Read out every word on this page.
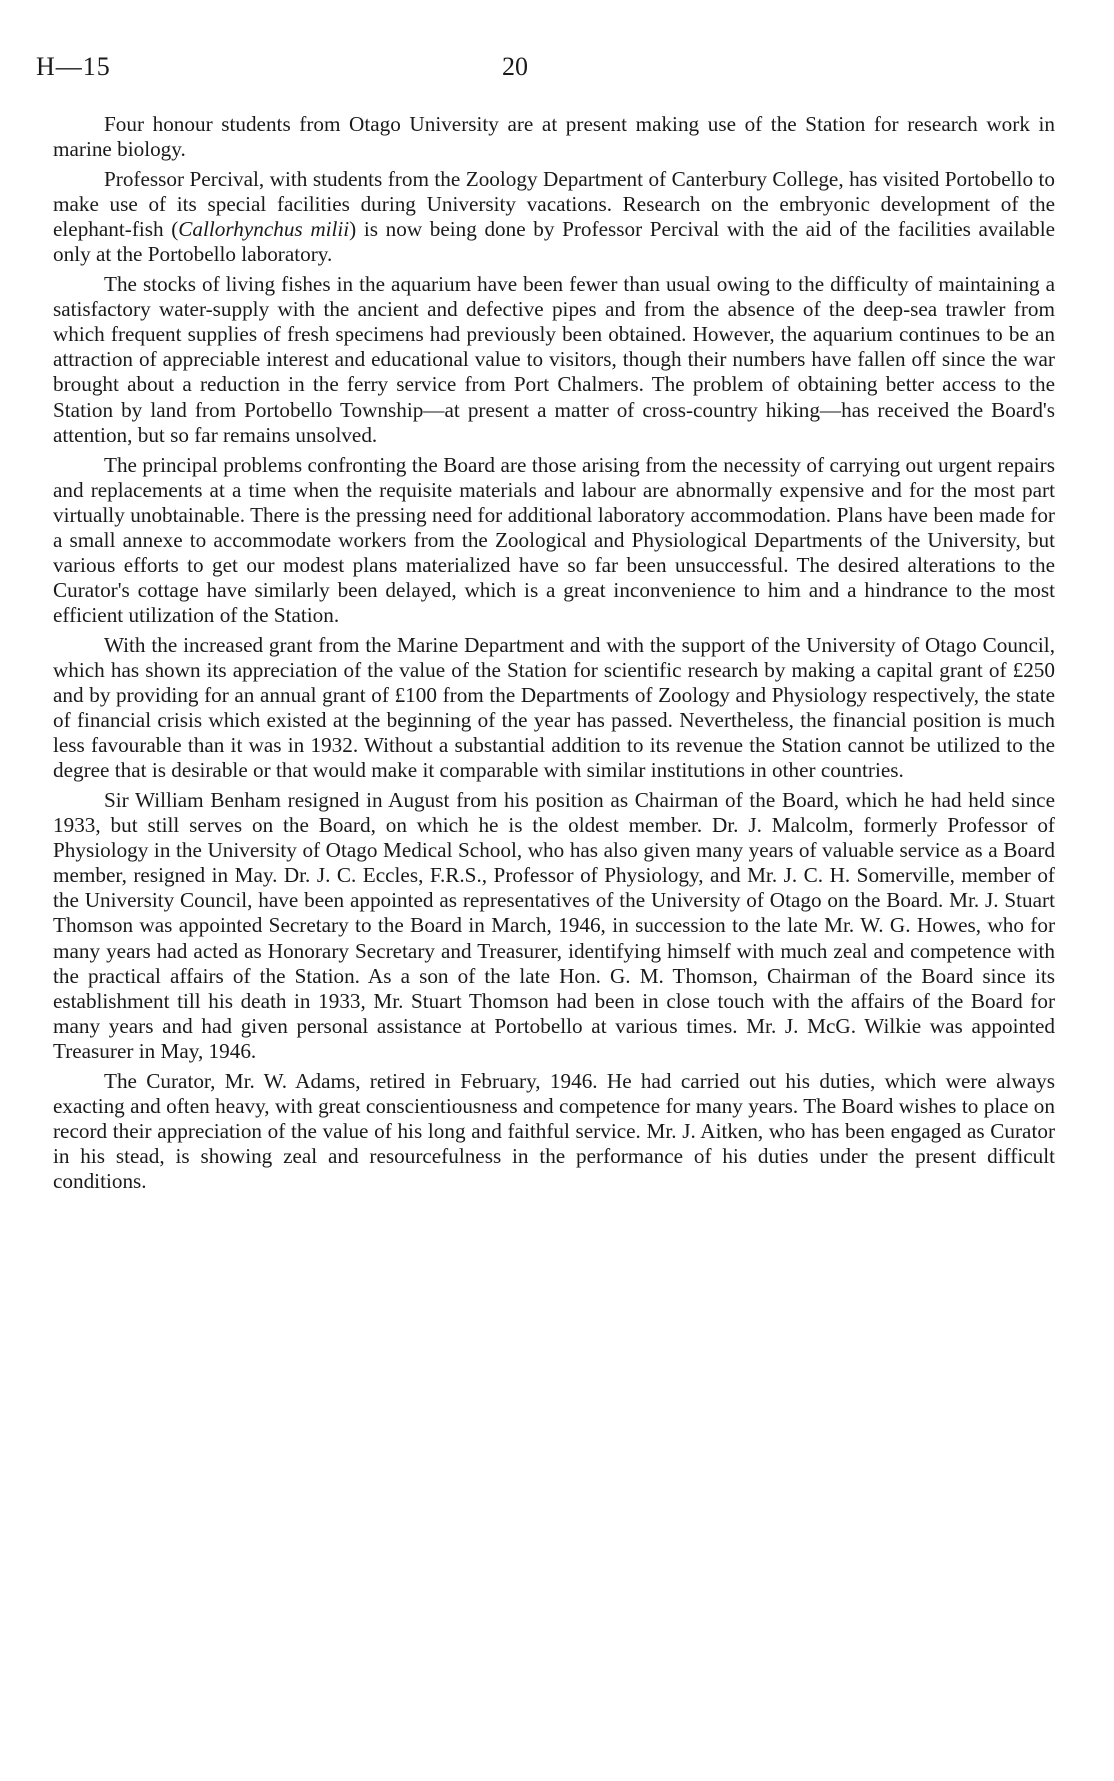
H—15	20

Four honour students from Otago University are at present making use of the Station for research work in marine biology.

Professor Percival, with students from the Zoology Department of Canterbury College, has visited Portobello to make use of its special facilities during University vacations. Research on the embryonic development of the elephant-fish (Callorhynchus milii) is now being done by Professor Percival with the aid of the facilities available only at the Portobello laboratory.

The stocks of living fishes in the aquarium have been fewer than usual owing to the difficulty of maintaining a satisfactory water-supply with the ancient and defective pipes and from the absence of the deep-sea trawler from which frequent supplies of fresh specimens had previously been obtained. However, the aquarium continues to be an attraction of appreciable interest and educational value to visitors, though their numbers have fallen off since the war brought about a reduction in the ferry service from Port Chalmers. The problem of obtaining better access to the Station by land from Portobello Township—at present a matter of cross-country hiking—has received the Board's attention, but so far remains unsolved.

The principal problems confronting the Board are those arising from the necessity of carrying out urgent repairs and replacements at a time when the requisite materials and labour are abnormally expensive and for the most part virtually unobtainable. There is the pressing need for additional laboratory accommodation. Plans have been made for a small annexe to accommodate workers from the Zoological and Physiological Departments of the University, but various efforts to get our modest plans materialized have so far been unsuccessful. The desired alterations to the Curator's cottage have similarly been delayed, which is a great inconvenience to him and a hindrance to the most efficient utilization of the Station.

With the increased grant from the Marine Department and with the support of the University of Otago Council, which has shown its appreciation of the value of the Station for scientific research by making a capital grant of £250 and by providing for an annual grant of £100 from the Departments of Zoology and Physiology respectively, the state of financial crisis which existed at the beginning of the year has passed. Nevertheless, the financial position is much less favourable than it was in 1932. Without a substantial addition to its revenue the Station cannot be utilized to the degree that is desirable or that would make it comparable with similar institutions in other countries.

Sir William Benham resigned in August from his position as Chairman of the Board, which he had held since 1933, but still serves on the Board, on which he is the oldest member. Dr. J. Malcolm, formerly Professor of Physiology in the University of Otago Medical School, who has also given many years of valuable service as a Board member, resigned in May. Dr. J. C. Eccles, F.R.S., Professor of Physiology, and Mr. J. C. H. Somerville, member of the University Council, have been appointed as representatives of the University of Otago on the Board. Mr. J. Stuart Thomson was appointed Secretary to the Board in March, 1946, in succession to the late Mr. W. G. Howes, who for many years had acted as Honorary Secretary and Treasurer, identifying himself with much zeal and competence with the practical affairs of the Station. As a son of the late Hon. G. M. Thomson, Chairman of the Board since its establishment till his death in 1933, Mr. Stuart Thomson had been in close touch with the affairs of the Board for many years and had given personal assistance at Portobello at various times. Mr. J. McG. Wilkie was appointed Treasurer in May, 1946.

The Curator, Mr. W. Adams, retired in February, 1946. He had carried out his duties, which were always exacting and often heavy, with great conscientiousness and competence for many years. The Board wishes to place on record their appreciation of the value of his long and faithful service. Mr. J. Aitken, who has been engaged as Curator in his stead, is showing zeal and resourcefulness in the performance of his duties under the present difficult conditions.
